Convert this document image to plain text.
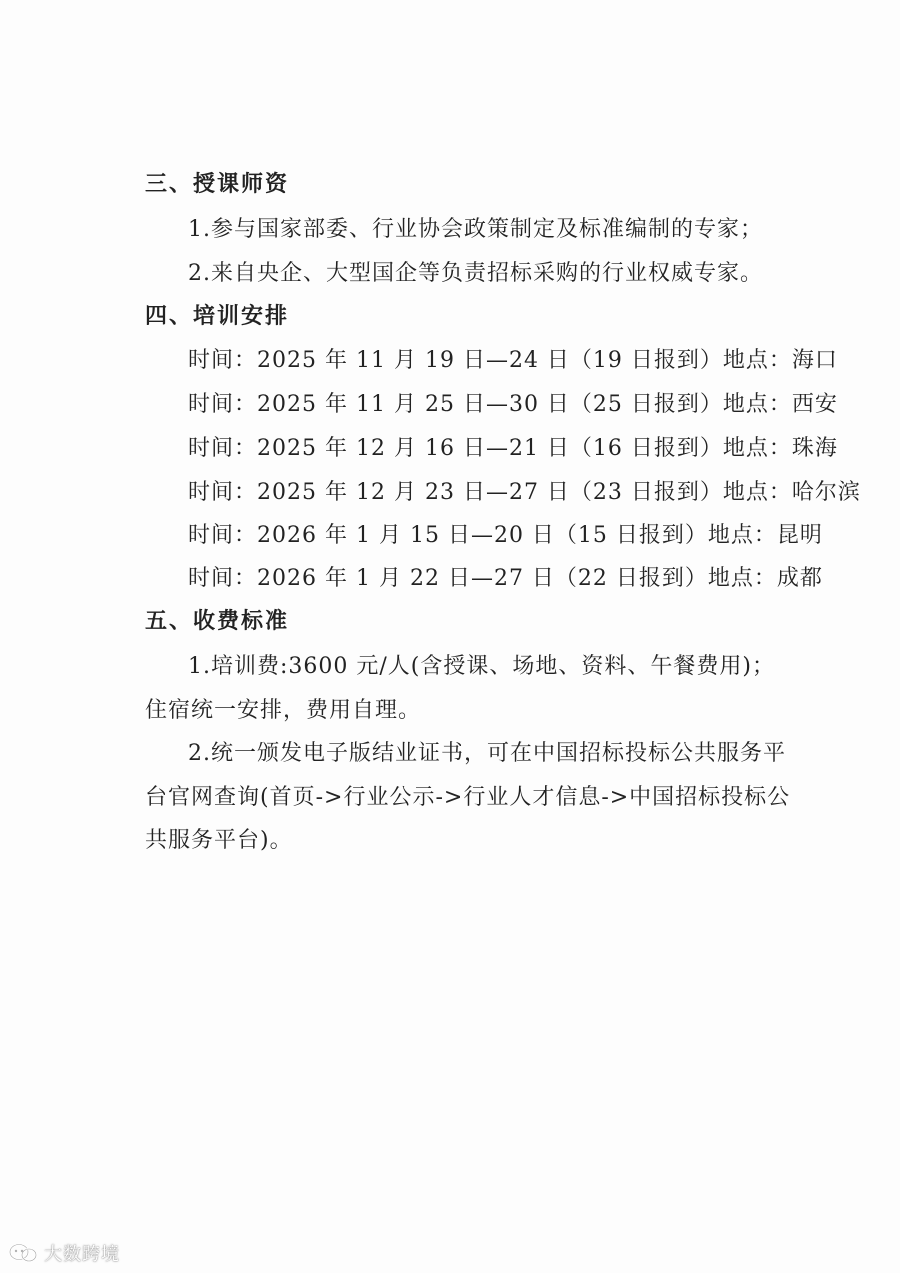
三、授课师资
1.参与国家部委、行业协会政策制定及标准编制的专家；
2.来自央企、大型国企等负责招标采购的行业权威专家。
四、培训安排
时间：2025 年 11 月 19 日—24 日（19 日报到）地点：海口
时间：2025 年 11 月 25 日—30 日（25 日报到）地点：西安
时间：2025 年 12 月 16 日—21 日（16 日报到）地点：珠海
时间：2025 年 12 月 23 日—27 日（23 日报到）地点：哈尔滨
时间：2026 年 1 月 15 日—20 日（15 日报到）地点：昆明
时间：2026 年 1 月 22 日—27 日（22 日报到）地点：成都
五、收费标准
1.培训费:3600 元/人(含授课、场地、资料、午餐费用)；
住宿统一安排，费用自理。
2.统一颁发电子版结业证书，可在中国招标投标公共服务平
台官网查询(首页->行业公示->行业人才信息->中国招标投标公
共服务平台)。
大数跨境
